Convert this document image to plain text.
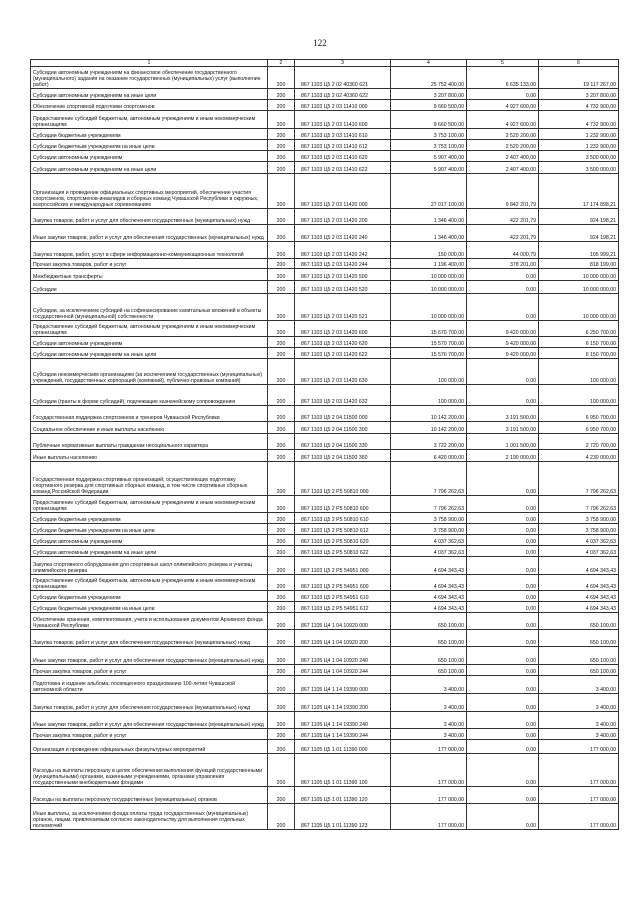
122
1	2	3	4	5	6
Субсидии автономным учреждениям на финансовое обеспечение государственного (муниципального) задания на оказание государственных (муниципальных) услуг (выполнение работ)	200	867 1103 Ц5 2 02 40360 621	25 752 400,00	6 635 133,00	19 117 267,00
Субсидии автономным учреждениям на иные цели	200	867 1103 Ц5 2 02 40360 622	3 207 800,00	0,00	3 207 800,00
Обеспечение спортивной подготовки спортсменов	200	867 1103 Ц5 2 03 11410 000	9 660 500,00	4 927 600,00	4 732 900,00
Предоставление субсидий бюджетным, автономным учреждениям и иным некоммерческим организациям	200	867 1103 Ц5 2 03 11410 600	9 660 500,00	4 927 600,00	4 732 900,00
Субсидии бюджетным учреждениям	200	867 1103 Ц5 2 03 11410 610	3 753 100,00	2 520 200,00	1 232 900,00
Субсидии бюджетным учреждениям на иные цели	200	867 1103 Ц5 2 03 11410 612	3 753 100,00	2 520 200,00	1 232 900,00
Субсидии автономным учреждениям	200	867 1103 Ц5 2 03 11410 620	5 907 400,00	2 407 400,00	3 500 000,00
Субсидии автономным учреждениям на иные цели	200	867 1103 Ц5 2 03 11410 622	5 907 400,00	2 407 400,00	3 500 000,00
Организация и проведение официальных спортивных мероприятий, обеспечение участия спортсменов, спортсменов-инвалидов и сборных команд Чувашской Республики в окружных, всероссийских и международных соревнованиях	200	867 1103 Ц5 2 03 11420 000	27 017 100,00	9 842 201,79	17 174 898,21
Закупка товаров, работ и услуг для обеспечения государственных (муниципальных) нужд	200	867 1103 Ц5 2 03 11420 200	1 346 400,00	422 201,79	924 198,21
Иные закупки товаров, работ и услуг для обеспечения государственных (муниципальных) нужд	200	867 1103 Ц5 2 03 11420 240	1 346 400,00	422 201,79	924 198,21
Закупка товаров, работ, услуг в сфере информационно-коммуникационных технологий	200	867 1103 Ц5 2 03 11420 242	150 000,00	44 000,79	105 999,21
Прочая закупка товаров, работ и услуг	200	867 1103 Ц5 2 03 11420 244	1 196 400,00	378 201,00	818 199,00
Межбюджетные трансферты	200	867 1103 Ц5 2 03 11420 500	10 000 000,00	0,00	10 000 000,00
Субсидии	200	867 1103 Ц5 2 03 11420 520	10 000 000,00	0,00	10 000 000,00
Субсидии, за исключением субсидий на софинансирование капитальных вложений в объекты государственной (муниципальной) собственности	200	867 1103 Ц5 2 03 11420 521	10 000 000,00	0,00	10 000 000,00
Предоставление субсидий бюджетным, автономным учреждениям и иным некоммерческим организациям	200	867 1103 Ц5 2 03 11420 600	15 670 700,00	9 420 000,00	6 250 700,00
Субсидии автономным учреждениям	200	867 1103 Ц5 2 03 11420 620	15 570 700,00	9 420 000,00	6 150 700,00
Субсидии автономным учреждениям на иные цели	200	867 1103 Ц5 2 03 11420 622	15 570 700,00	9 420 000,00	6 150 700,00
Субсидии некоммерческим организациям (за исключением государственных (муниципальных) учреждений, государственных корпораций (компаний), публично-правовых компаний)	200	867 1103 Ц5 2 03 11420 630	100 000,00	0,00	100 000,00
Субсидии (гранты в форме субсидий), подлежащие казначейскому сопровождению	200	867 1103 Ц5 2 03 11420 632	100 000,00	0,00	100 000,00
Государственная поддержка спортсменов и тренеров Чувашской Республики	200	867 1103 Ц5 2 04 11500 000	10 142 200,00	3 191 500,00	6 950 700,00
Социальное обеспечение и иные выплаты населению	200	867 1103 Ц5 2 04 11500 300	10 142 200,00	3 191 500,00	6 950 700,00
Публичные нормативные выплаты гражданам несоциального характера	200	867 1103 Ц5 2 04 11500 330	3 722 200,00	1 001 500,00	2 720 700,00
Иные выплаты населению	200	867 1103 Ц5 2 04 11500 360	6 420 000,00	2 190 000,00	4 230 000,00
Государственная поддержка спортивных организаций, осуществляющих подготовку спортивного резерва для спортивных сборных команд, в том числе спортивных сборных команд Российской Федерации	200	867 1103 Ц5 2 P5 50810 000	7 796 262,63	0,00	7 796 262,63
Предоставление субсидий бюджетным, автономным учреждениям и иным некоммерческим организациям	200	867 1103 Ц5 2 P5 50810 600	7 796 262,63	0,00	7 796 262,63
Субсидии бюджетным учреждениям	200	867 1103 Ц5 2 P5 50810 610	3 758 900,00	0,00	3 758 900,00
Субсидии бюджетным учреждениям на иные цели	200	867 1103 Ц5 2 P5 50810 612	3 758 900,00	0,00	3 758 900,00
Субсидии автономным учреждениям	200	867 1103 Ц5 2 P5 50810 620	4 037 362,63	0,00	4 037 362,63
Субсидии автономным учреждениям на иные цели	200	867 1103 Ц5 2 P5 50810 622	4 037 362,63	0,00	4 037 362,63
Закупка спортивного оборудования для спортивных школ олимпийского резерва и училищ олимпийского резерва	200	867 1103 Ц5 2 P5 54951 000	4 694 343,43	0,00	4 694 343,43
Предоставление субсидий бюджетным, автономным учреждениям и иным некоммерческим организациям	200	867 1103 Ц5 2 P5 54951 600	4 694 343,43	0,00	4 694 343,43
Субсидии бюджетным учреждениям	200	867 1103 Ц5 2 P5 54951 610	4 694 343,43	0,00	4 694 343,43
Субсидии бюджетным учреждениям на иные цели	200	867 1103 Ц5 2 P5 54951 612	4 694 343,43	0,00	4 694 343,43
Обеспечение хранения, комплектования, учета и использования документов Архивного фонда Чувашской Республики	200	867 1105 Ц4 1 04 10920 000	650 100,00	0,00	650 100,00
Закупка товаров, работ и услуг для обеспечения государственных (муниципальных) нужд	200	867 1105 Ц4 1 04 10920 200	650 100,00	0,00	650 100,00
Иные закупки товаров, работ и услуг для обеспечения государственных (муниципальных) нужд	200	867 1105 Ц4 1 04 10920 240	650 100,00	0,00	650 100,00
Прочая закупка товаров, работ и услуг	200	867 1105 Ц4 1 04 10920 244	650 100,00	0,00	650 100,00
Подготовка и издание альбома, посвященного празднованию 100-летия Чувашской автономной области	200	867 1105 Ц4 1 14 19390 000	3 400,00	0,00	3 400,00
Закупка товаров, работ и услуг для обеспечения государственных (муниципальных) нужд	200	867 1105 Ц4 1 14 19390 200	3 400,00	0,00	3 400,00
Иные закупки товаров, работ и услуг для обеспечения государственных (муниципальных) нужд	200	867 1105 Ц4 1 14 19390 240	3 400,00	0,00	3 400,00
Прочая закупка товаров, работ и услуг	200	867 1105 Ц4 1 14 19390 244	3 400,00	0,00	3 400,00
Организация и проведение официальных физкультурных мероприятий	200	867 1105 Ц5 1 01 11390 000	177 000,00	0,00	177 000,00
Расходы на выплаты персоналу в целях обеспечения выполнения функций государственными (муниципальными) органами, казенными учреждениями, органами управления государственными внебюджетными фондами	200	867 1105 Ц5 1 01 11390 100	177 000,00	0,00	177 000,00
Расходы на выплаты персоналу государственных (муниципальных) органов	200	867 1105 Ц5 1 01 11390 120	177 000,00	0,00	177 000,00
Иные выплаты, за исключением фонда оплаты труда государственных (муниципальных) органов, лицам, привлекаемым согласно законодательству для выполнения отдельных полномочий	200	867 1105 Ц5 1 01 11390 123	177 000,00	0,00	177 000,00
